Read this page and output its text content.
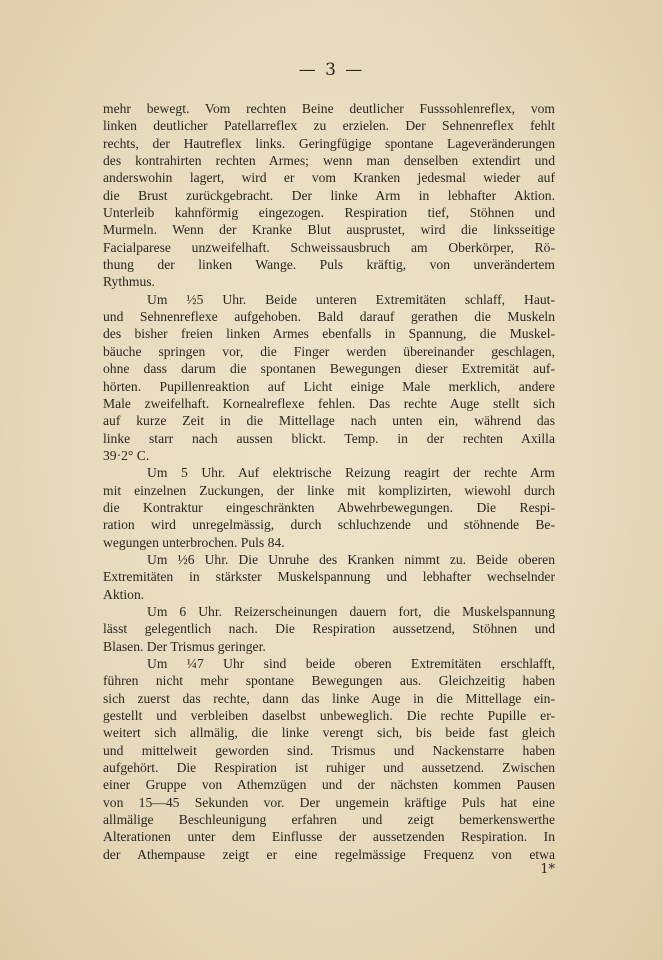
— 3 —
mehr bewegt. Vom rechten Beine deutlicher Fusssohlenreflex, vom
linken deutlicher Patellarreflex zu erzielen. Der Sehnenreflex fehlt
rechts, der Hautreflex links. Geringfügige spontane Lageveränderungen
des kontrahirten rechten Armes; wenn man denselben extendirt und
anderswohin lagert, wird er vom Kranken jedesmal wieder auf
die Brust zurückgebracht. Der linke Arm in lebhafter Aktion.
Unterleib kahnförmig eingezogen. Respiration tief, Stöhnen und
Murmeln. Wenn der Kranke Blut ausprustet, wird die linksseitige
Facialparese unzweifelhaft. Schweissausbruch am Oberkörper, Rö-
thung der linken Wange. Puls kräftig, von unverändertem
Rythmus.
Um ½5 Uhr. Beide unteren Extremitäten schlaff, Haut-
und Sehnenreflexe aufgehoben. Bald darauf gerathen die Muskeln
des bisher freien linken Armes ebenfalls in Spannung, die Muskel-
bäuche springen vor, die Finger werden übereinander geschlagen,
ohne dass darum die spontanen Bewegungen dieser Extremität auf-
hörten. Pupillenreaktion auf Licht einige Male merklich, andere
Male zweifelhaft. Kornealreflexe fehlen. Das rechte Auge stellt sich
auf kurze Zeit in die Mittellage nach unten ein, während das
linke starr nach aussen blickt. Temp. in der rechten Axilla
39·2° C.
Um 5 Uhr. Auf elektrische Reizung reagirt der rechte Arm
mit einzelnen Zuckungen, der linke mit komplizirten, wiewohl durch
die Kontraktur eingeschränkten Abwehrbewegungen. Die Respi-
ration wird unregelmässig, durch schluchzende und stöhnende Be-
wegungen unterbrochen. Puls 84.
Um ½6 Uhr. Die Unruhe des Kranken nimmt zu. Beide oberen
Extremitäten in stärkster Muskelspannung und lebhafter wechselnder
Aktion.
Um 6 Uhr. Reizerscheinungen dauern fort, die Muskelspannung
lässt gelegentlich nach. Die Respiration aussetzend, Stöhnen und
Blasen. Der Trismus geringer.
Um ¼7 Uhr sind beide oberen Extremitäten erschlafft,
führen nicht mehr spontane Bewegungen aus. Gleichzeitig haben
sich zuerst das rechte, dann das linke Auge in die Mittellage ein-
gestellt und verbleiben daselbst unbeweglich. Die rechte Pupille er-
weitert sich allmälig, die linke verengt sich, bis beide fast gleich
und mittelweit geworden sind. Trismus und Nackenstarre haben
aufgehört. Die Respiration ist ruhiger und aussetzend. Zwischen
einer Gruppe von Athemzügen und der nächsten kommen Pausen
von 15—45 Sekunden vor. Der ungemein kräftige Puls hat eine
allmälige Beschleunigung erfahren und zeigt bemerkenswerthe
Alterationen unter dem Einflusse der aussetzenden Respiration. In
der Athempause zeigt er eine regelmässige Frequenz von etwa
1*
